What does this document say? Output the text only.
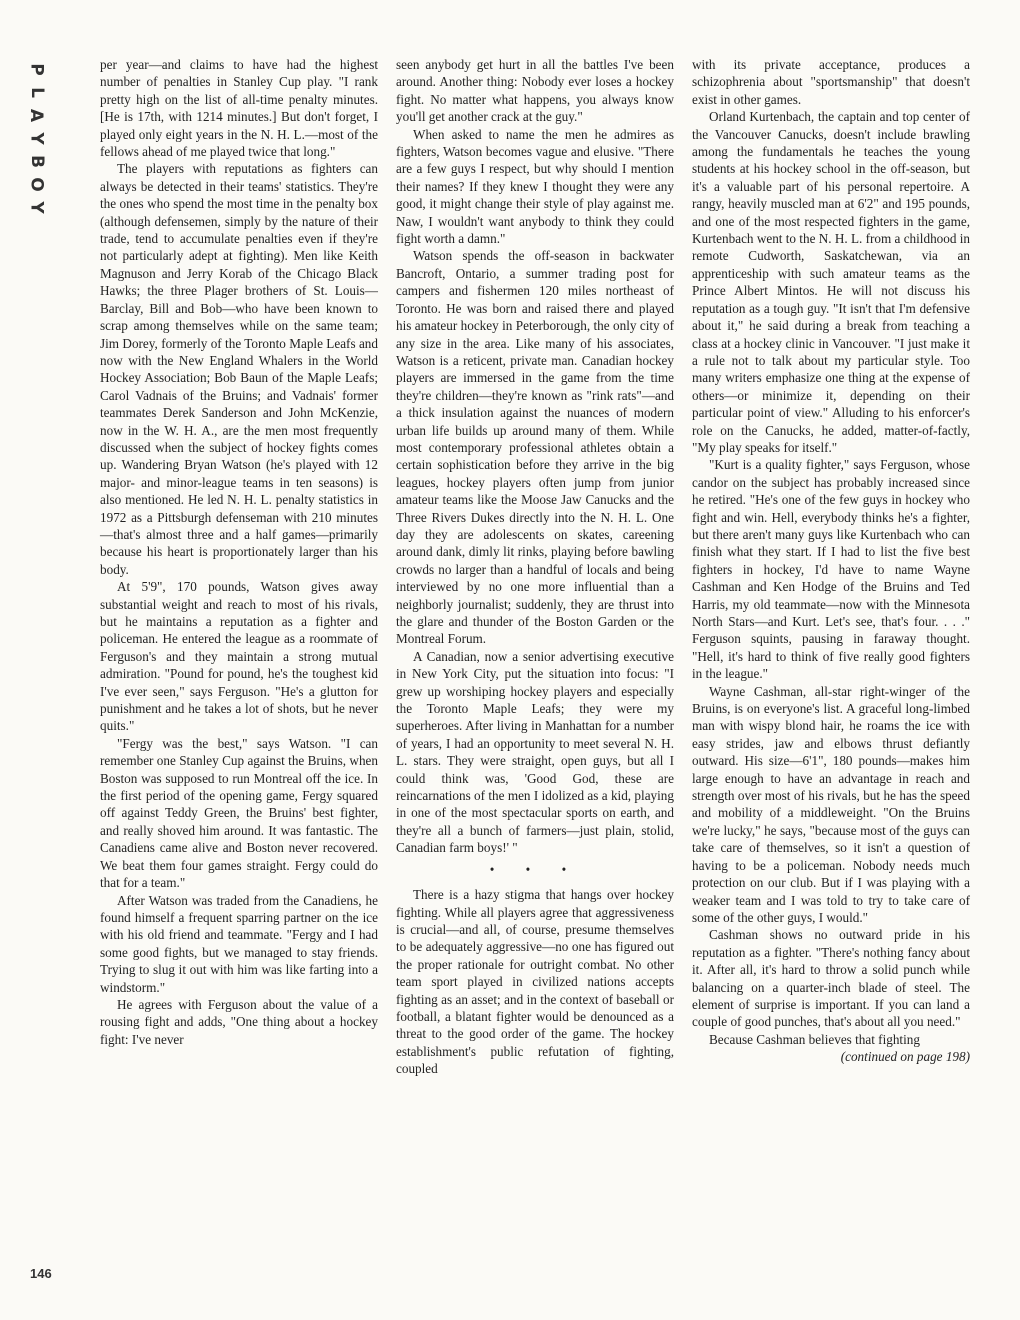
P
L
A
Y
B
O
Y

per year—and claims to have had the highest number of penalties in Stanley Cup play. "I rank pretty high on the list of all-time penalty minutes. [He is 17th, with 1214 minutes.] But don't forget, I played only eight years in the N. H. L.—most of the fellows ahead of me played twice that long."

The players with reputations as fighters can always be detected in their teams' statistics. They're the ones who spend the most time in the penalty box (although defensemen, simply by the nature of their trade, tend to accumulate penalties even if they're not particularly adept at fighting). Men like Keith Magnuson and Jerry Korab of the Chicago Black Hawks; the three Plager brothers of St. Louis—Barclay, Bill and Bob—who have been known to scrap among themselves while on the same team; Jim Dorey, formerly of the Toronto Maple Leafs and now with the New England Whalers in the World Hockey Association; Bob Baun of the Maple Leafs; Carol Vadnais of the Bruins; and Vadnais' former teammates Derek Sanderson and John McKenzie, now in the W. H. A., are the men most frequently discussed when the subject of hockey fights comes up. Wandering Bryan Watson (he's played with 12 major- and minor-league teams in ten seasons) is also mentioned. He led N. H. L. penalty statistics in 1972 as a Pittsburgh defenseman with 210 minutes—that's almost three and a half games—primarily because his heart is proportionately larger than his body.

At 5'9", 170 pounds, Watson gives away substantial weight and reach to most of his rivals, but he maintains a reputation as a fighter and policeman. He entered the league as a roommate of Ferguson's and they maintain a strong mutual admiration. "Pound for pound, he's the toughest kid I've ever seen," says Ferguson. "He's a glutton for punishment and he takes a lot of shots, but he never quits."

"Fergy was the best," says Watson. "I can remember one Stanley Cup against the Bruins, when Boston was supposed to run Montreal off the ice. In the first period of the opening game, Fergy squared off against Teddy Green, the Bruins' best fighter, and really shoved him around. It was fantastic. The Canadiens came alive and Boston never recovered. We beat them four games straight. Fergy could do that for a team."

After Watson was traded from the Canadiens, he found himself a frequent sparring partner on the ice with his old friend and teammate. "Fergy and I had some good fights, but we managed to stay friends. Trying to slug it out with him was like farting into a windstorm."

He agrees with Ferguson about the value of a rousing fight and adds, "One thing about a hockey fight: I've never

seen anybody get hurt in all the battles I've been around. Another thing: Nobody ever loses a hockey fight. No matter what happens, you always know you'll get another crack at the guy."

When asked to name the men he admires as fighters, Watson becomes vague and elusive. "There are a few guys I respect, but why should I mention their names? If they knew I thought they were any good, it might change their style of play against me. Naw, I wouldn't want anybody to think they could fight worth a damn."

Watson spends the off-season in backwater Bancroft, Ontario, a summer trading post for campers and fishermen 120 miles northeast of Toronto. He was born and raised there and played his amateur hockey in Peterborough, the only city of any size in the area. Like many of his associates, Watson is a reticent, private man. Canadian hockey players are immersed in the game from the time they're children—they're known as "rink rats"—and a thick insulation against the nuances of modern urban life builds up around many of them. While most contemporary professional athletes obtain a certain sophistication before they arrive in the big leagues, hockey players often jump from junior amateur teams like the Moose Jaw Canucks and the Three Rivers Dukes directly into the N. H. L. One day they are adolescents on skates, careening around dank, dimly lit rinks, playing before bawling crowds no larger than a handful of locals and being interviewed by no one more influential than a neighborly journalist; suddenly, they are thrust into the glare and thunder of the Boston Garden or the Montreal Forum.

A Canadian, now a senior advertising executive in New York City, put the situation into focus: "I grew up worshiping hockey players and especially the Toronto Maple Leafs; they were my superheroes. After living in Manhattan for a number of years, I had an opportunity to meet several N. H. L. stars. They were straight, open guys, but all I could think was, 'Good God, these are reincarnations of the men I idolized as a kid, playing in one of the most spectacular sports on earth, and they're all a bunch of farmers—just plain, stolid, Canadian farm boys!' "

• • •

There is a hazy stigma that hangs over hockey fighting. While all players agree that aggressiveness is crucial—and all, of course, presume themselves to be adequately aggressive—no one has figured out the proper rationale for outright combat. No other team sport played in civilized nations accepts fighting as an asset; and in the context of baseball or football, a blatant fighter would be denounced as a threat to the good order of the game. The hockey establishment's public refutation of fighting, coupled

with its private acceptance, produces a schizophrenia about "sportsmanship" that doesn't exist in other games.

Orland Kurtenbach, the captain and top center of the Vancouver Canucks, doesn't include brawling among the fundamentals he teaches the young students at his hockey school in the off-season, but it's a valuable part of his personal repertoire. A rangy, heavily muscled man at 6'2" and 195 pounds, and one of the most respected fighters in the game, Kurtenbach went to the N. H. L. from a childhood in remote Cudworth, Saskatchewan, via an apprenticeship with such amateur teams as the Prince Albert Mintos. He will not discuss his reputation as a tough guy. "It isn't that I'm defensive about it," he said during a break from teaching a class at a hockey clinic in Vancouver. "I just make it a rule not to talk about my particular style. Too many writers emphasize one thing at the expense of others—or minimize it, depending on their particular point of view." Alluding to his enforcer's role on the Canucks, he added, matter-of-factly, "My play speaks for itself."

"Kurt is a quality fighter," says Ferguson, whose candor on the subject has probably increased since he retired. "He's one of the few guys in hockey who fight and win. Hell, everybody thinks he's a fighter, but there aren't many guys like Kurtenbach who can finish what they start. If I had to list the five best fighters in hockey, I'd have to name Wayne Cashman and Ken Hodge of the Bruins and Ted Harris, my old teammate—now with the Minnesota North Stars—and Kurt. Let's see, that's four. . . ." Ferguson squints, pausing in faraway thought. "Hell, it's hard to think of five really good fighters in the league."

Wayne Cashman, all-star right-winger of the Bruins, is on everyone's list. A graceful long-limbed man with wispy blond hair, he roams the ice with easy strides, jaw and elbows thrust defiantly outward. His size—6'1", 180 pounds—makes him large enough to have an advantage in reach and strength over most of his rivals, but he has the speed and mobility of a middleweight. "On the Bruins we're lucky," he says, "because most of the guys can take care of themselves, so it isn't a question of having to be a policeman. Nobody needs much protection on our club. But if I was playing with a weaker team and I was told to try to take care of some of the other guys, I would."

Cashman shows no outward pride in his reputation as a fighter. "There's nothing fancy about it. After all, it's hard to throw a solid punch while balancing on a quarter-inch blade of steel. The element of surprise is important. If you can land a couple of good punches, that's about all you need."

Because Cashman believes that fighting

(continued on page 198)

146
